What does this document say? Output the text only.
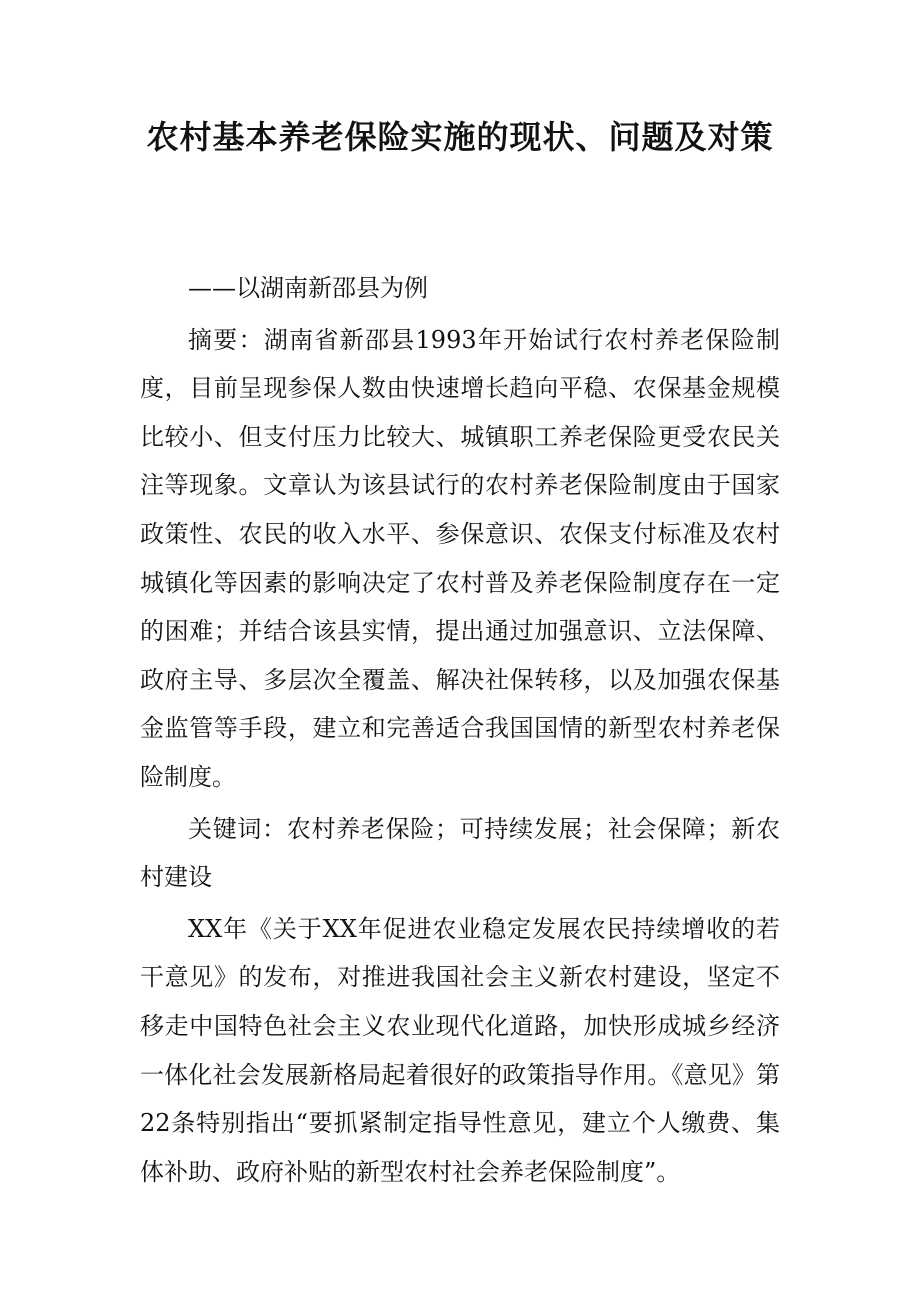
农村基本养老保险实施的现状、问题及对策

——以湖南新邵县为例

摘要：湖南省新邵县1993年开始试行农村养老保险制度，目前呈现参保人数由快速增长趋向平稳、农保基金规模比较小、但支付压力比较大、城镇职工养老保险更受农民关注等现象。文章认为该县试行的农村养老保险制度由于国家政策性、农民的收入水平、参保意识、农保支付标准及农村城镇化等因素的影响决定了农村普及养老保险制度存在一定的困难；并结合该县实情，提出通过加强意识、立法保障、政府主导、多层次全覆盖、解决社保转移，以及加强农保基金监管等手段，建立和完善适合我国国情的新型农村养老保险制度。

关键词：农村养老保险；可持续发展；社会保障；新农村建设

XX年《关于XX年促进农业稳定发展农民持续增收的若干意见》的发布，对推进我国社会主义新农村建设，坚定不移走中国特色社会主义农业现代化道路，加快形成城乡经济一体化社会发展新格局起着很好的政策指导作用。《意见》第22条特别指出“要抓紧制定指导性意见，建立个人缴费、集体补助、政府补贴的新型农村社会养老保险制度”。
